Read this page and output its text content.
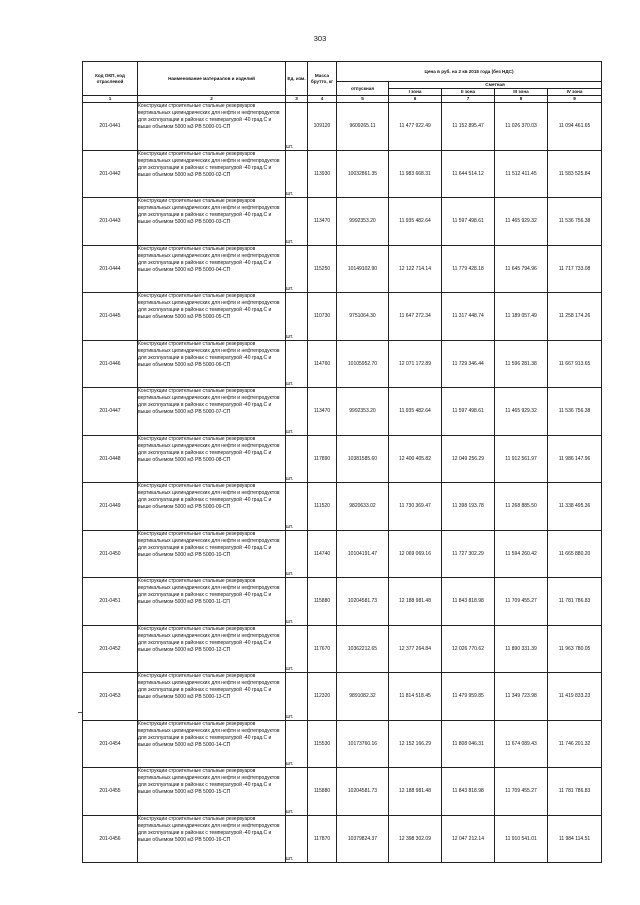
303
Код ОКП, код отраслевой	Наименование материалов и изделий	Ед. изм.	Масса брутто, кг	Цена в руб. на 2 кв 2015 года (без НДС)				
				отпускная	Сметная			
					I зона	II зона	III зона	IV зона
1	2	3	4	5	6	7	8	9
201-0441	Конструкции строительные стальные резервуаров вертикальных цилиндрических для нефти и нефтепродуктов для эксплуатации в районах с температурой -40 град.С и выше объемом 5000 м3 РВ 5000-01-СП	шт.	109120	9609265.11	11 477 922.49	11 152 895.47	11 026 370.03	11 094 461.65
201-0442	Конструкции строительные стальные резервуаров вертикальных цилиндрических для нефти и нефтепродуктов для эксплуатации в районах с температурой -40 град.С и выше объемом 5000 м3 РВ 5000-02-СП	шт.	113930	10032861.35	11 983 668.31	11 644 514.12	11 512 411.45	11 583 525.84
201-0443	Конструкции строительные стальные резервуаров вертикальных цилиндрических для нефти и нефтепродуктов для эксплуатации в районах с температурой -40 град.С и выше объемом 5000 м3 РВ 5000-03-СП	шт.	113470	9992353.20	11 935 482.64	11 597 498.61	11 465 929.32	11 536 756.38
201-0444	Конструкции строительные стальные резервуаров вертикальных цилиндрических для нефти и нефтепродуктов для эксплуатации в районах с температурой -40 град.С и выше объемом 5000 м3 РВ 5000-04-СП	шт.	115250	10149102.90	12 122 714.14	11 779 428.18	11 645 794.96	11 717 733.08
201-0445	Конструкции строительные стальные резервуаров вертикальных цилиндрических для нефти и нефтепродуктов для эксплуатации в районах с температурой -40 град.С и выше объемом 5000 м3 РВ 5000-05-СП	шт.	110730	9751064.30	11 647 272.34	11 317 448.74	11 189 057.49	11 258 174.26
201-0446	Конструкции строительные стальные резервуаров вертикальных цилиндрических для нефти и нефтепродуктов для эксплуатации в районах с температурой -40 град.С и выше объемом 5000 м3 РВ 5000-06-СП	шт.	114760	10105952.70	12 071 172.89	11 729 346.44	11 596 281.38	11 667 913.65
201-0447	Конструкции строительные стальные резервуаров вертикальных цилиндрических для нефти и нефтепродуктов для эксплуатации в районах с температурой -40 град.С и выше объемом 5000 м3 РВ 5000-07-СП	шт.	113470	9992353.20	11 935 482.64	11 597 498.61	11 465 929.32	11 536 756.38
201-0448	Конструкции строительные стальные резервуаров вертикальных цилиндрических для нефти и нефтепродуктов для эксплуатации в районах с температурой -40 град.С и выше объемом 5000 м3 РВ 5000-08-СП	шт.	117890	10381585.60	12 400 405.82	12 049 256.29	11 912 561.97	11 986 147.96
201-0449	Конструкции строительные стальные резервуаров вертикальных цилиндрических для нефти и нефтепродуктов для эксплуатации в районах с температурой -40 град.С и выше объемом 5000 м3 РВ 5000-09-СП	шт.	111520	9820633.02	11 730 369.47	11 398 193.78	11 268 885.50	11 338 495.36
201-0450	Конструкции строительные стальные резервуаров вертикальных цилиндрических для нефти и нефтепродуктов для эксплуатации в районах с температурой -40 град.С и выше объемом 5000 м3 РВ 5000-10-СП	шт.	114740	10104191.47	12 069 069.16	11 727 302.29	11 594 260.42	11 665 880.20
201-0451	Конструкции строительные стальные резервуаров вертикальных цилиндрических для нефти и нефтепродуктов для эксплуатации в районах с температурой -40 град.С и выше объемом 5000 м3 РВ 5000-11-СП	шт.	115880	10204581.73	12 188 981.48	11 843 818.98	11 709 455.27	11 781 786.83
201-0452	Конструкции строительные стальные резервуаров вертикальных цилиндрических для нефти и нефтепродуктов для эксплуатации в районах с температурой -40 град.С и выше объемом 5000 м3 РВ 5000-12-СП	шт.	117670	10362212.65	12 377 264.84	12 026 770.62	11 890 331.39	11 963 780.05
201-0453	Конструкции строительные стальные резервуаров вертикальных цилиндрических для нефти и нефтепродуктов для эксплуатации в районах с температурой -40 град.С и выше объемом 5000 м3 РВ 5000-13-СП	шт.	112320	9891082.32	11 814 518.45	11 479 959.85	11 349 723.98	11 419 833.23
201-0454	Конструкции строительные стальные резервуаров вертикальных цилиндрических для нефти и нефтепродуктов для эксплуатации в районах с температурой -40 град.С и выше объемом 5000 м3 РВ 5000-14-СП	шт.	115530	10173760.16	12 152 166.29	11 808 046.31	11 674 089.43	11 746 201.32
201-0455	Конструкции строительные стальные резервуаров вертикальных цилиндрических для нефти и нефтепродуктов для эксплуатации в районах с температурой -40 град.С и выше объемом 5000 м3 РВ 5000-15-СП	шт.	115880	10204581.73	12 188 981.48	11 843 818.98	11 709 455.27	11 781 786.83
201-0456	Конструкции строительные стальные резервуаров вертикальных цилиндрических для нефти и нефтепродуктов для эксплуатации в районах с температурой -40 град.С и выше объемом 5000 м3 РВ 5000-16-СП	шт.	117870	10379824.37	12 398 302.09	12 047 212.14	11 910 541.01	11 984 114.51
